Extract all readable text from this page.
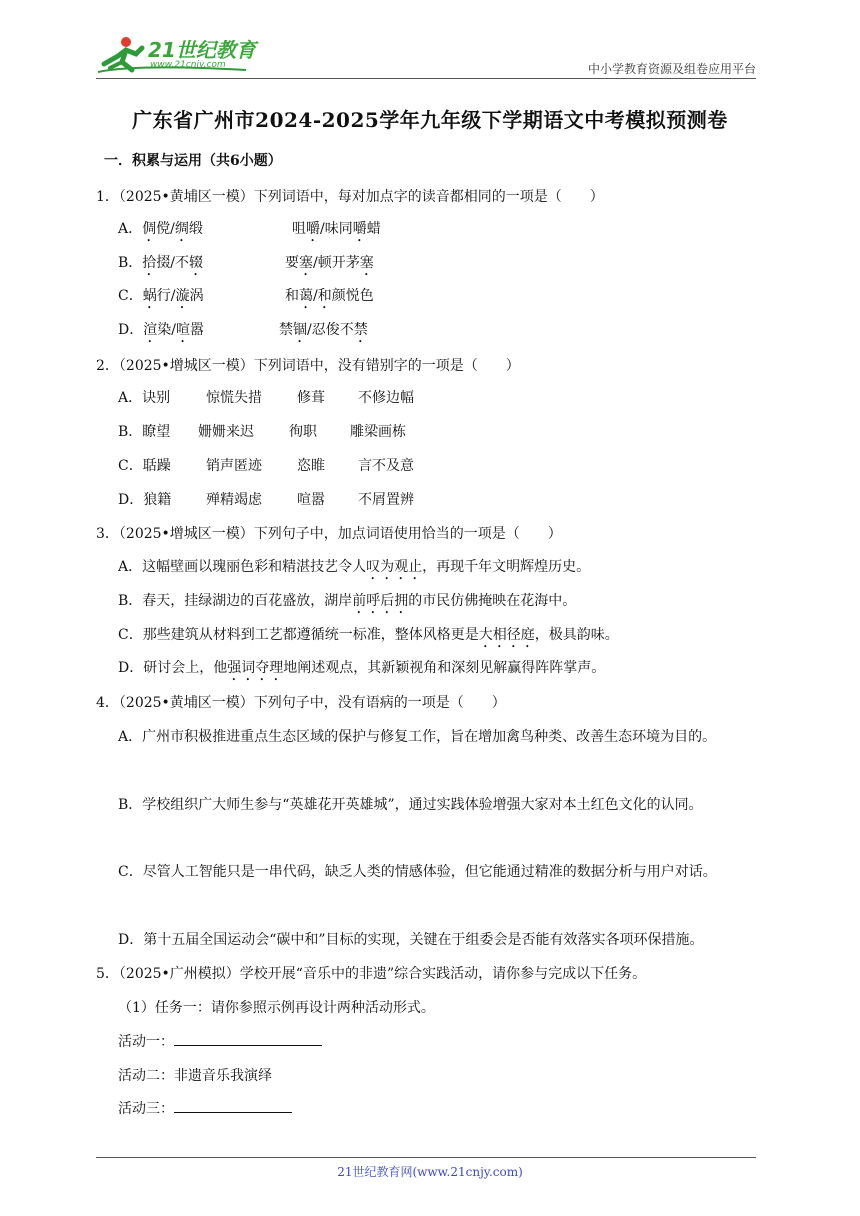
21世纪教育
www.21cnjy.com	中小学教育资源及组卷应用平台
广东省广州市2024-2025学年九年级下学期语文中考模拟预测卷
一．积累与运用（共6小题）
1．（2025•黄埔区一模）下列词语中，每对加点字的读音都相同的一项是（　　）
A．倜傥/绸缎	咀嚼/味同嚼蜡
B．拾掇/不辍	要塞/顿开茅塞
C．蜗行/漩涡	和蔼/和颜悦色
D．渲染/喧嚣	禁锢/忍俊不禁
2．（2025•增城区一模）下列词语中，没有错别字的一项是（　　）
A．诀别	惊慌失措	修葺 不修边幅
B．瞭望 姗姗来迟	徇职 雕梁画栋
C．聒躁	销声匿迹	恣睢 言不及意
D．狼籍 殚精竭虑	喧嚣 不屑置辨
3．（2025•增城区一模）下列句子中，加点词语使用恰当的一项是（　　）
A．这幅壁画以瑰丽色彩和精湛技艺令人叹为观止，再现千年文明辉煌历史。
B．春天，挂绿湖边的百花盛放，湖岸前呼后拥的市民仿佛掩映在花海中。
C．那些建筑从材料到工艺都遵循统一标准，整体风格更是大相径庭，极具韵味。
D．研讨会上，他强词夺理地阐述观点，其新颖视角和深刻见解赢得阵阵掌声。
4．（2025•黄埔区一模）下列句子中，没有语病的一项是（　　）
A．广州市积极推进重点生态区域的保护与修复工作，旨在增加禽鸟种类、改善生态环境为目的。
B．学校组织广大师生参与“英雄花开英雄城”，通过实践体验增强大家对本土红色文化的认同。
C．尽管人工智能只是一串代码，缺乏人类的情感体验，但它能通过精准的数据分析与用户对话。
D．第十五届全国运动会“碳中和”目标的实现，关键在于组委会是否能有效落实各项环保措施。
5．（2025•广州模拟）学校开展“音乐中的非遗”综合实践活动，请你参与完成以下任务。
（1）任务一：请你参照示例再设计两种活动形式。
活动一：
活动二：非遗音乐我演绎
活动三：
21世纪教育网(www.21cnjy.com)
